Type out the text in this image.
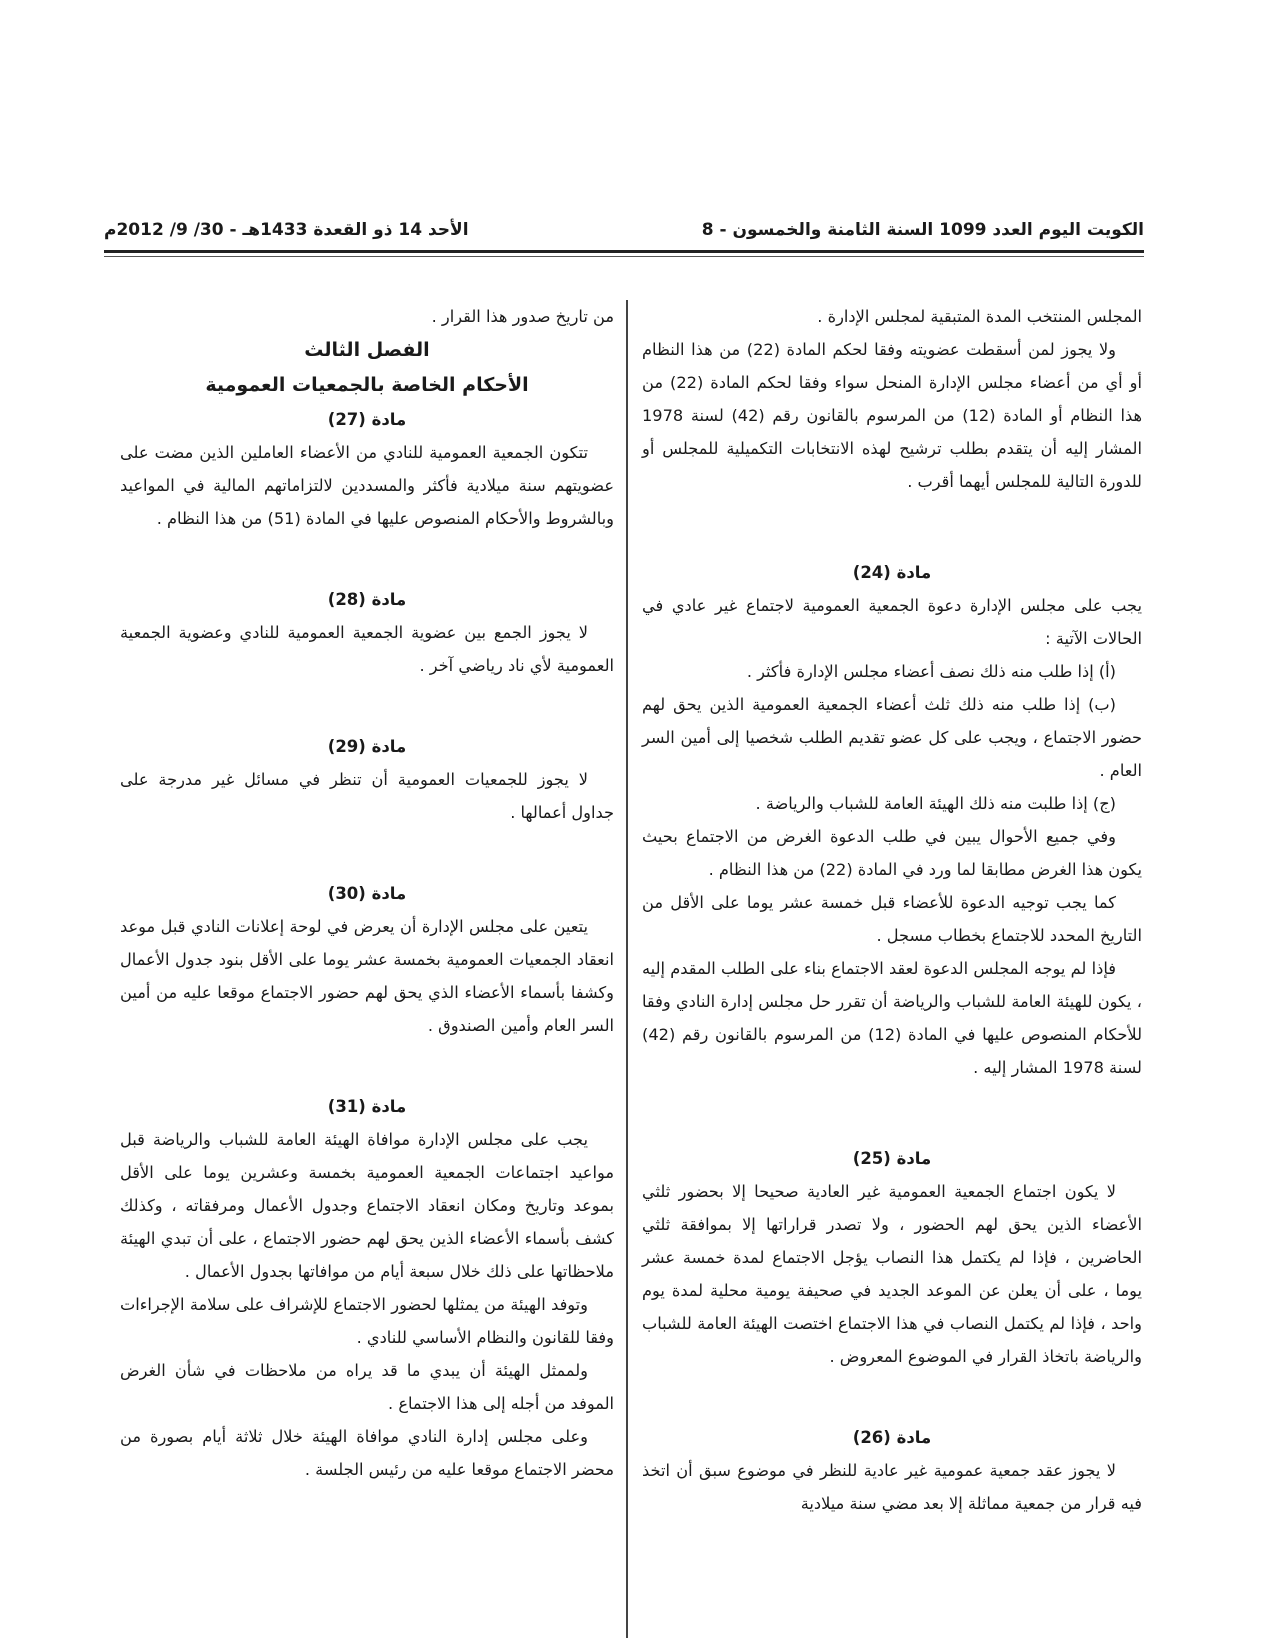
الكويت اليوم العدد 1099 السنة الثامنة والخمسون - 8
الأحد 14 ذو القعدة 1433هـ - 30/ 9/ 2012م

المجلس المنتخب المدة المتبقية لمجلس الإدارة .

ولا يجوز لمن أسقطت عضويته وفقا لحكم المادة (22) من هذا النظام أو أي من أعضاء مجلس الإدارة المنحل سواء وفقا لحكم المادة (22) من هذا النظام أو المادة (12) من المرسوم بالقانون رقم (42) لسنة 1978 المشار إليه أن يتقدم بطلب ترشيح لهذه الانتخابات التكميلية للمجلس أو للدورة التالية للمجلس أيهما أقرب .

مادة (24)

يجب على مجلس الإدارة دعوة الجمعية العمومية لاجتماع غير عادي في الحالات الآتية :

(أ) إذا طلب منه ذلك نصف أعضاء مجلس الإدارة فأكثر .

(ب) إذا طلب منه ذلك ثلث أعضاء الجمعية العمومية الذين يحق لهم حضور الاجتماع ، ويجب على كل عضو تقديم الطلب شخصيا إلى أمين السر العام .

(ج) إذا طلبت منه ذلك الهيئة العامة للشباب والرياضة .

وفي جميع الأحوال يبين في طلب الدعوة الغرض من الاجتماع بحيث يكون هذا الغرض مطابقا لما ورد في المادة (22) من هذا النظام .

كما يجب توجيه الدعوة للأعضاء قبل خمسة عشر يوما على الأقل من التاريخ المحدد للاجتماع بخطاب مسجل .

فإذا لم يوجه المجلس الدعوة لعقد الاجتماع بناء على الطلب المقدم إليه ، يكون للهيئة العامة للشباب والرياضة أن تقرر حل مجلس إدارة النادي وفقا للأحكام المنصوص عليها في المادة (12) من المرسوم بالقانون رقم (42) لسنة 1978 المشار إليه .

مادة (25)

لا يكون اجتماع الجمعية العمومية غير العادية صحيحا إلا بحضور ثلثي الأعضاء الذين يحق لهم الحضور ، ولا تصدر قراراتها إلا بموافقة ثلثي الحاضرين ، فإذا لم يكتمل هذا النصاب يؤجل الاجتماع لمدة خمسة عشر يوما ، على أن يعلن عن الموعد الجديد في صحيفة يومية محلية لمدة يوم واحد ، فإذا لم يكتمل النصاب في هذا الاجتماع اختصت الهيئة العامة للشباب والرياضة باتخاذ القرار في الموضوع المعروض .

مادة (26)

لا يجوز عقد جمعية عمومية غير عادية للنظر في موضوع سبق أن اتخذ فيه قرار من جمعية مماثلة إلا بعد مضي سنة ميلادية

من تاريخ صدور هذا القرار .

الفصل الثالث

الأحكام الخاصة بالجمعيات العمومية

مادة (27)

تتكون الجمعية العمومية للنادي من الأعضاء العاملين الذين مضت على عضويتهم سنة ميلادية فأكثر والمسددين لالتزاماتهم المالية في المواعيد وبالشروط والأحكام المنصوص عليها في المادة (51) من هذا النظام .

مادة (28)

لا يجوز الجمع بين عضوية الجمعية العمومية للنادي وعضوية الجمعية العمومية لأي ناد رياضي آخر .

مادة (29)

لا يجوز للجمعيات العمومية أن تنظر في مسائل غير مدرجة على جداول أعمالها .

مادة (30)

يتعين على مجلس الإدارة أن يعرض في لوحة إعلانات النادي قبل موعد انعقاد الجمعيات العمومية بخمسة عشر يوما على الأقل بنود جدول الأعمال وكشفا بأسماء الأعضاء الذي يحق لهم حضور الاجتماع موقعا عليه من أمين السر العام وأمين الصندوق .

مادة (31)

يجب على مجلس الإدارة موافاة الهيئة العامة للشباب والرياضة قبل مواعيد اجتماعات الجمعية العمومية بخمسة وعشرين يوما على الأقل بموعد وتاريخ ومكان انعقاد الاجتماع وجدول الأعمال ومرفقاته ، وكذلك كشف بأسماء الأعضاء الذين يحق لهم حضور الاجتماع ، على أن تبدي الهيئة ملاحظاتها على ذلك خلال سبعة أيام من موافاتها بجدول الأعمال .

وتوفد الهيئة من يمثلها لحضور الاجتماع للإشراف على سلامة الإجراءات وفقا للقانون والنظام الأساسي للنادي .

ولممثل الهيئة أن يبدي ما قد يراه من ملاحظات في شأن الغرض الموفد من أجله إلى هذا الاجتماع .

وعلى مجلس إدارة النادي موافاة الهيئة خلال ثلاثة أيام بصورة من محضر الاجتماع موقعا عليه من رئيس الجلسة .
